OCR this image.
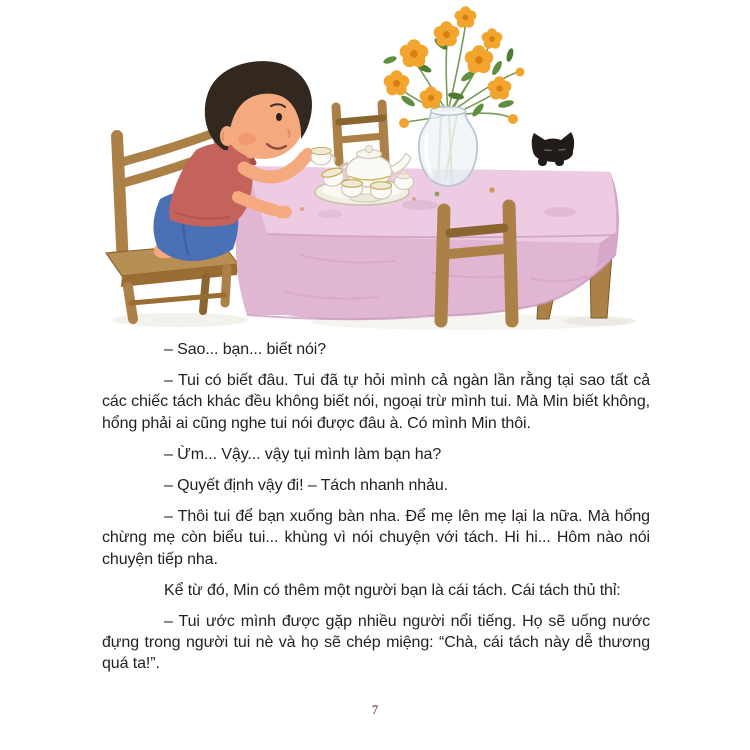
– Sao... bạn... biết nói?

– Tui có biết đâu. Tui đã tự hỏi mình cả ngàn lần rằng tại sao tất cả các chiếc tách khác đều không biết nói, ngoại trừ mình tui. Mà Min biết không, hổng phải ai cũng nghe tui nói được đâu à. Có mình Min thôi.

– Ừm... Vậy... vậy tụi mình làm bạn ha?

– Quyết định vậy đi! – Tách nhanh nhảu.

– Thôi tui để bạn xuống bàn nha. Để mẹ lên mẹ lại la nữa. Mà hổng chừng mẹ còn biểu tui... khùng vì nói chuyện với tách. Hi hi... Hôm nào nói chuyện tiếp nha.

Kể từ đó, Min có thêm một người bạn là cái tách. Cái tách thủ thỉ:

– Tui ước mình được gặp nhiều người nổi tiếng. Họ sẽ uống nước đựng trong người tui nè và họ sẽ chép miệng: “Chà, cái tách này dễ thương quá ta!”.

7
